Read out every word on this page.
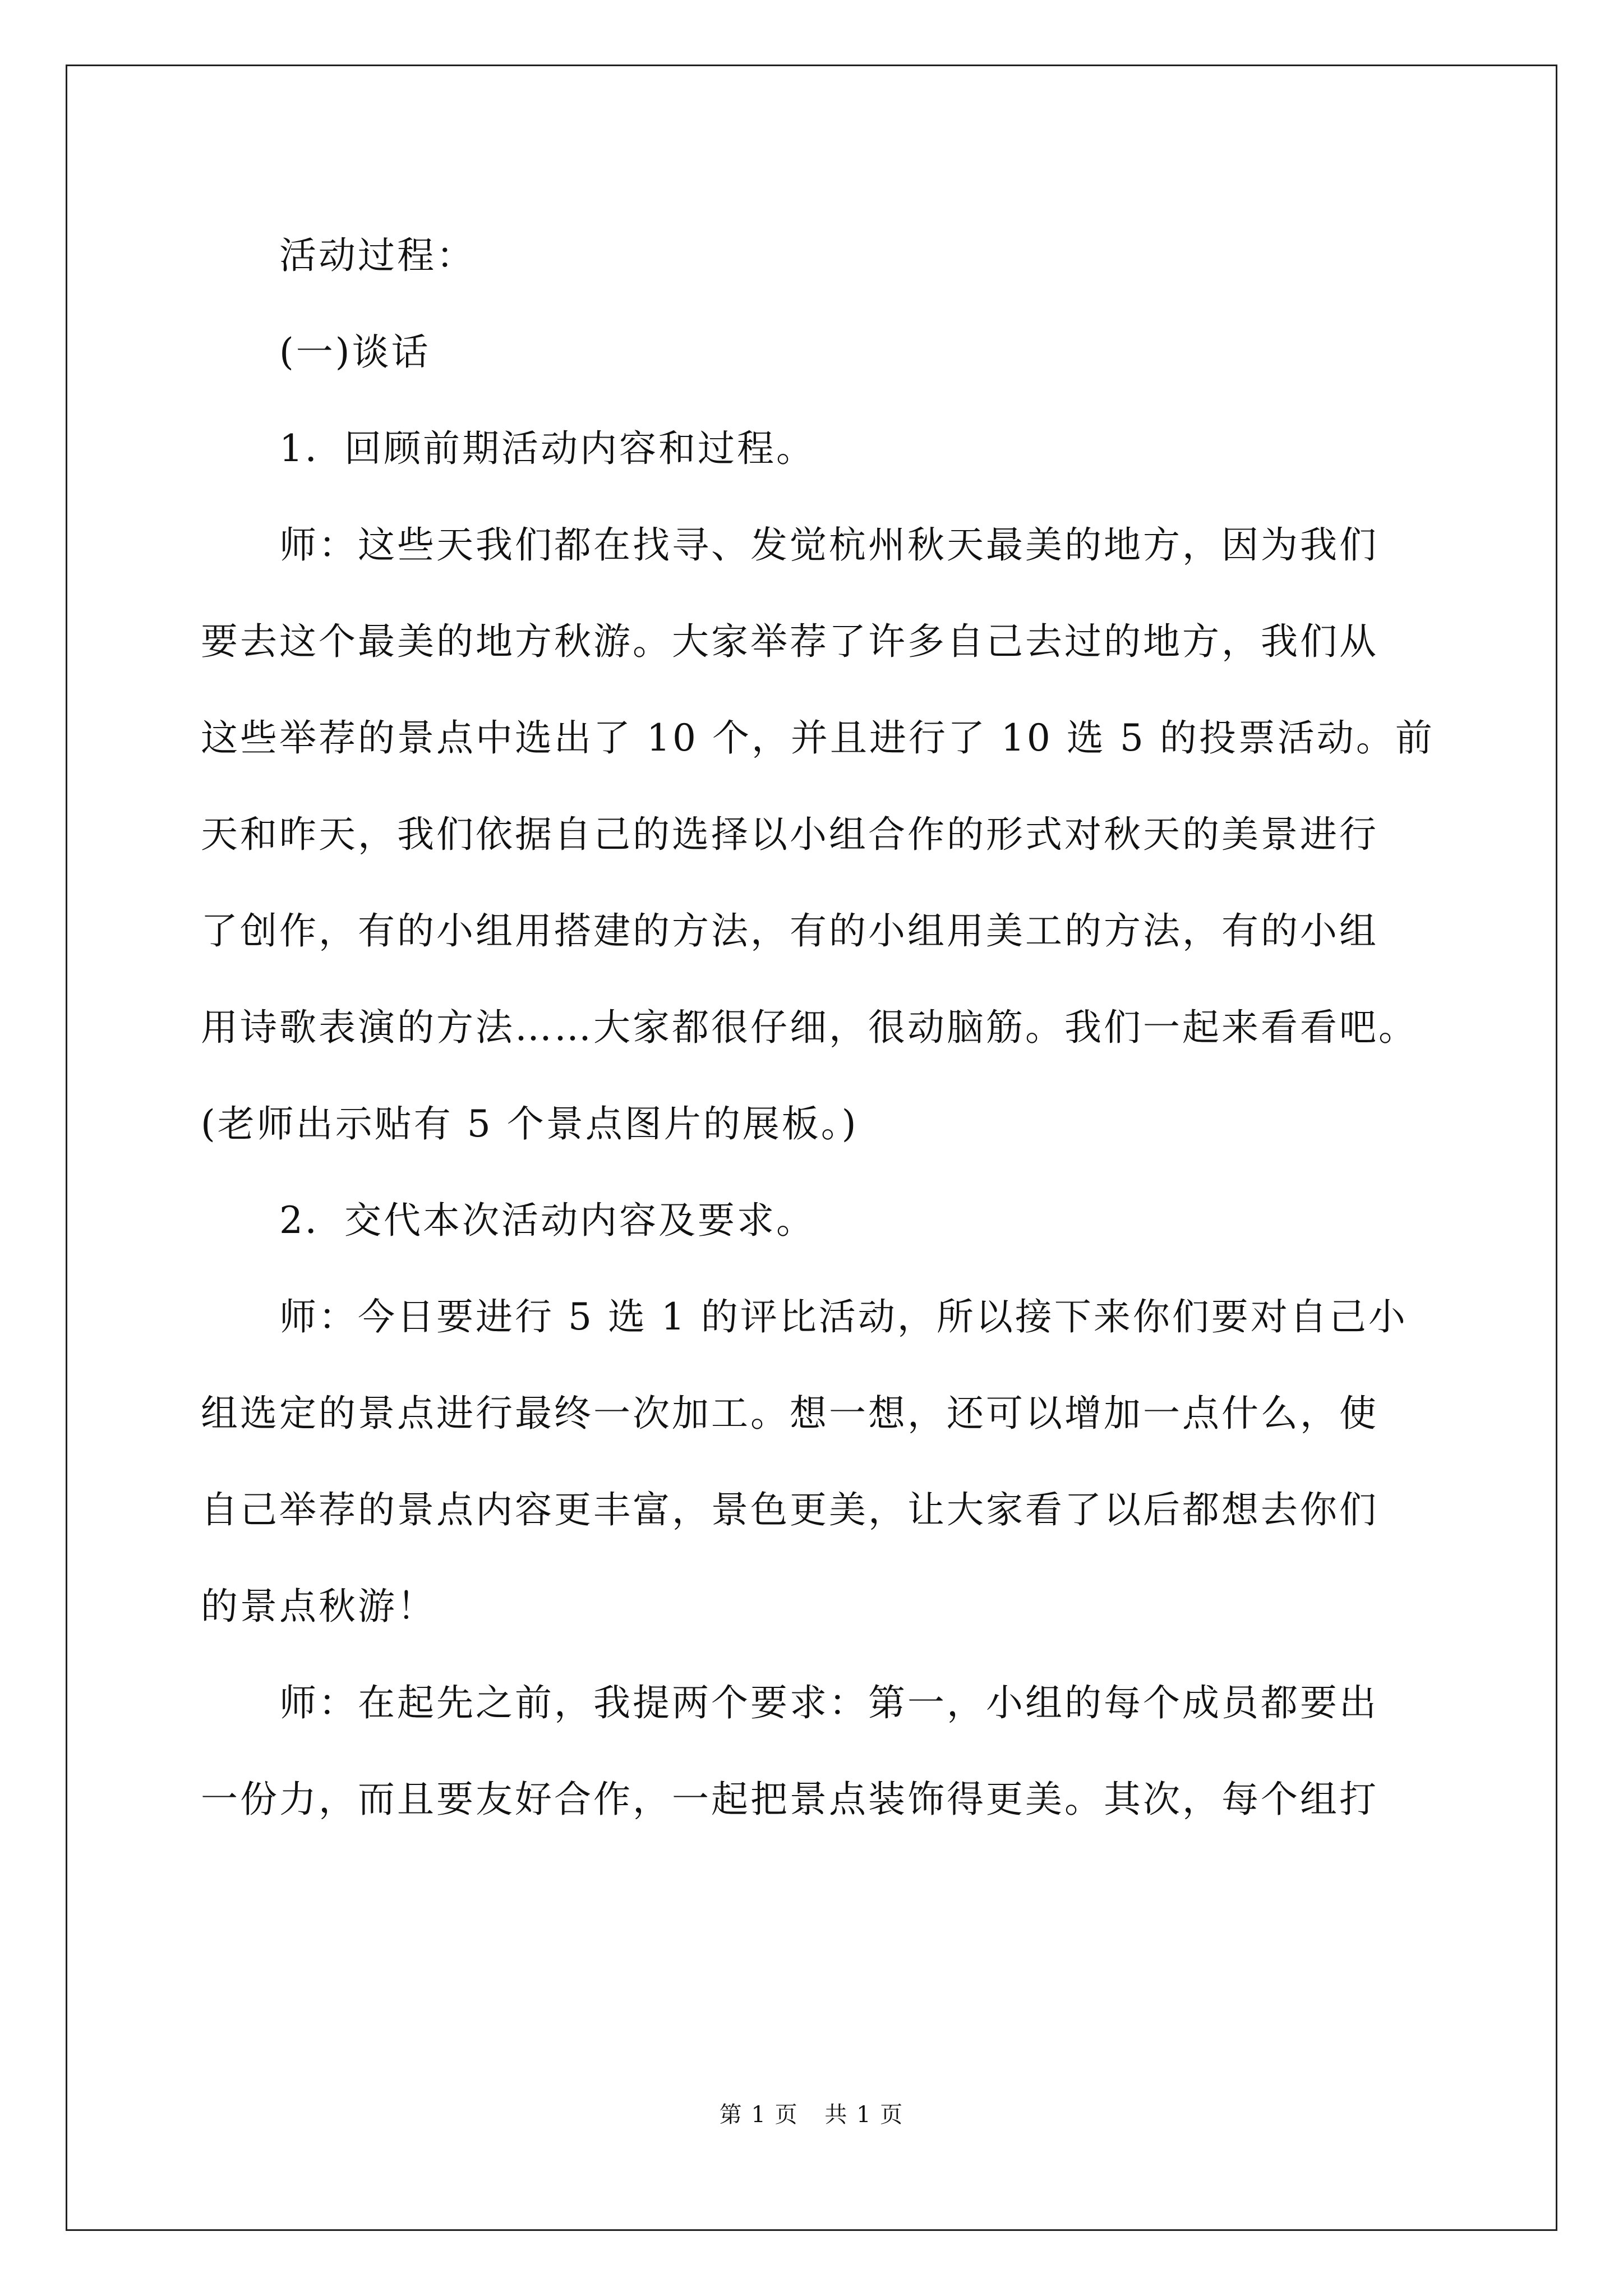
活动过程：

(一)谈话

1．回顾前期活动内容和过程。

师：这些天我们都在找寻、发觉杭州秋天最美的地方，因为我们

要去这个最美的地方秋游。大家举荐了许多自己去过的地方，我们从

这些举荐的景点中选出了 10 个，并且进行了 10 选 5 的投票活动。前

天和昨天，我们依据自己的选择以小组合作的形式对秋天的美景进行

了创作，有的小组用搭建的方法，有的小组用美工的方法，有的小组

用诗歌表演的方法……大家都很仔细，很动脑筋。我们一起来看看吧。

(老师出示贴有 5 个景点图片的展板。)

2．交代本次活动内容及要求。

师：今日要进行 5 选 1 的评比活动，所以接下来你们要对自己小

组选定的景点进行最终一次加工。想一想，还可以增加一点什么，使

自己举荐的景点内容更丰富，景色更美，让大家看了以后都想去你们

的景点秋游！

师：在起先之前，我提两个要求：第一，小组的每个成员都要出

一份力，而且要友好合作，一起把景点装饰得更美。其次，每个组打

第 1 页 共 1 页
